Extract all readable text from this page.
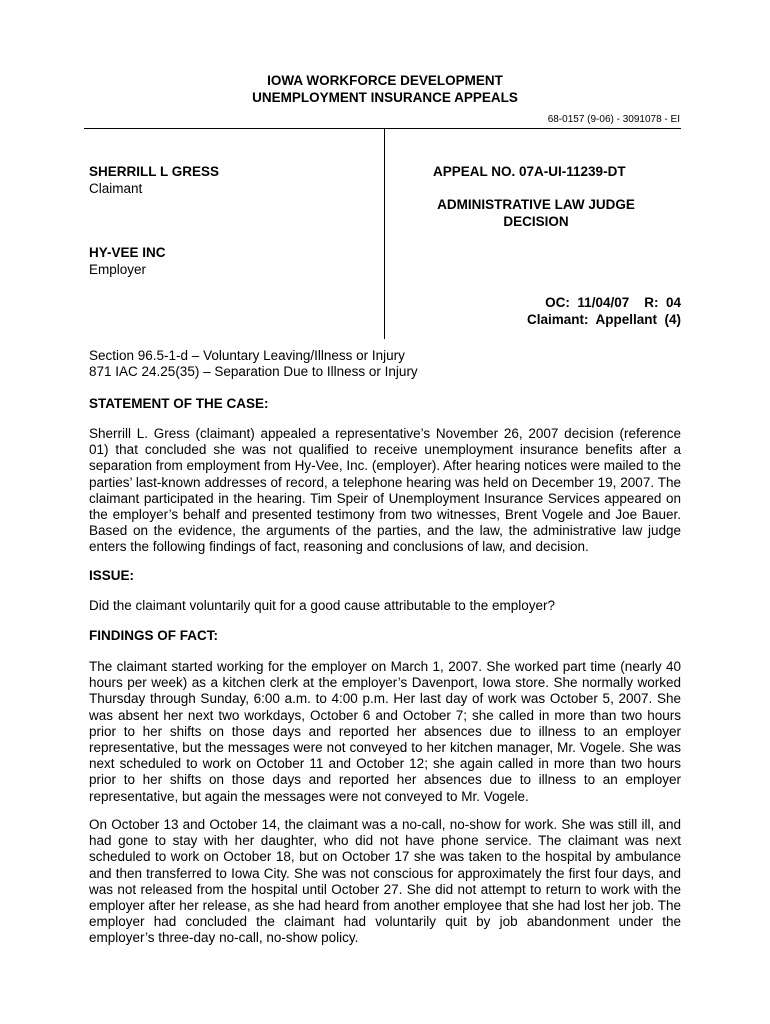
IOWA WORKFORCE DEVELOPMENT
UNEMPLOYMENT INSURANCE APPEALS
68-0157 (9-06) - 3091078 - EI
SHERRILL L GRESS
Claimant
HY-VEE INC
Employer
APPEAL NO. 07A-UI-11239-DT
ADMINISTRATIVE LAW JUDGE
DECISION
OC:  11/04/07    R:  04
Claimant:  Appellant  (4)
Section 96.5-1-d – Voluntary Leaving/Illness or Injury
871 IAC 24.25(35) – Separation Due to Illness or Injury
STATEMENT OF THE CASE:

Sherrill L. Gress (claimant) appealed a representative’s November 26, 2007 decision (reference 01) that concluded she was not qualified to receive unemployment insurance benefits after a separation from employment from Hy-Vee, Inc. (employer). After hearing notices were mailed to the parties’ last-known addresses of record, a telephone hearing was held on December 19, 2007. The claimant participated in the hearing. Tim Speir of Unemployment Insurance Services appeared on the employer’s behalf and presented testimony from two witnesses, Brent Vogele and Joe Bauer. Based on the evidence, the arguments of the parties, and the law, the administrative law judge enters the following findings of fact, reasoning and conclusions of law, and decision.

ISSUE:

Did the claimant voluntarily quit for a good cause attributable to the employer?

FINDINGS OF FACT:

The claimant started working for the employer on March 1, 2007. She worked part time (nearly 40 hours per week) as a kitchen clerk at the employer’s Davenport, Iowa store. She normally worked Thursday through Sunday, 6:00 a.m. to 4:00 p.m. Her last day of work was October 5, 2007. She was absent her next two workdays, October 6 and October 7; she called in more than two hours prior to her shifts on those days and reported her absences due to illness to an employer representative, but the messages were not conveyed to her kitchen manager, Mr. Vogele. She was next scheduled to work on October 11 and October 12; she again called in more than two hours prior to her shifts on those days and reported her absences due to illness to an employer representative, but again the messages were not conveyed to Mr. Vogele.

On October 13 and October 14, the claimant was a no-call, no-show for work. She was still ill, and had gone to stay with her daughter, who did not have phone service. The claimant was next scheduled to work on October 18, but on October 17 she was taken to the hospital by ambulance and then transferred to Iowa City. She was not conscious for approximately the first four days, and was not released from the hospital until October 27. She did not attempt to return to work with the employer after her release, as she had heard from another employee that she had lost her job. The employer had concluded the claimant had voluntarily quit by job abandonment under the employer’s three-day no-call, no-show policy.
